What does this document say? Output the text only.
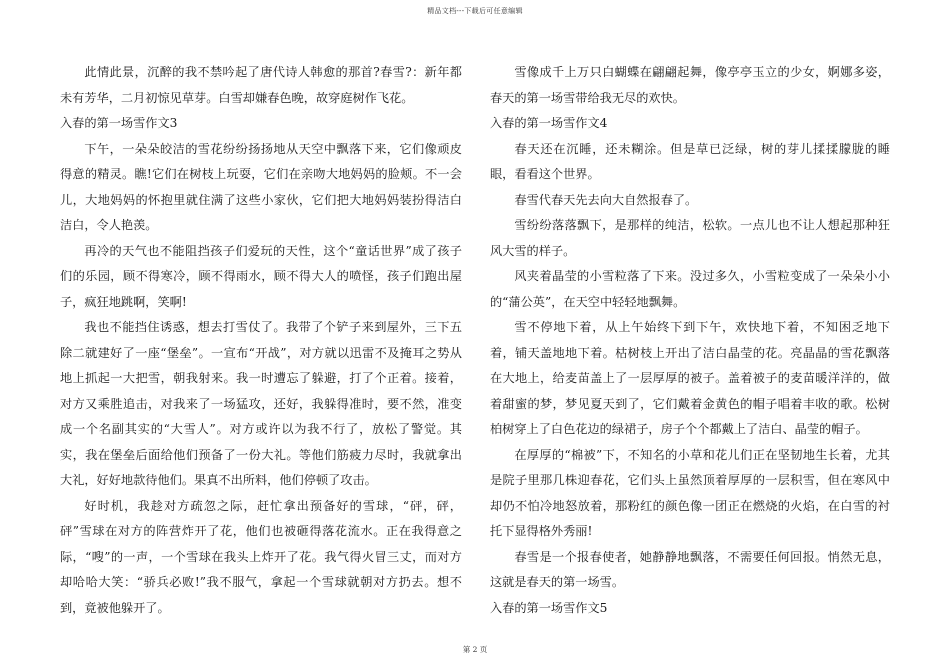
精品文档---下载后可任意编辑

此情此景，沉醉的我不禁吟起了唐代诗人韩愈的那首?春雪?：新年都未有芳华，二月初惊见草芽。白雪却嫌春色晚，故穿庭树作飞花。

入春的第一场雪作文3

下午，一朵朵皎洁的雪花纷纷扬扬地从天空中飘落下来，它们像顽皮得意的精灵。瞧!它们在树枝上玩耍，它们在亲吻大地妈妈的脸颊。不一会儿，大地妈妈的怀抱里就住满了这些小家伙，它们把大地妈妈装扮得洁白洁白，令人艳羡。

再冷的天气也不能阻挡孩子们爱玩的天性，这个“童话世界”成了孩子们的乐园，顾不得寒冷，顾不得雨水，顾不得大人的喷怪，孩子们跑出屋子，疯狂地跳啊，笑啊!

我也不能挡住诱惑，想去打雪仗了。我带了个铲子来到屋外，三下五除二就建好了一座“堡垒”。一宣布“开战”，对方就以迅雷不及掩耳之势从地上抓起一大把雪，朝我射来。我一时遭忘了躲避，打了个正着。接着，对方又乘胜追击，对我来了一场猛攻，还好，我躲得准时，要不然，准变成一个名副其实的“大雪人”。对方或许以为我不行了，放松了警觉。其实，我在堡垒后面给他们预备了一份大礼。等他们筋疲力尽时，我就拿出大礼，好好地款待他们。果真不出所料，他们停顿了攻击。

好时机，我趁对方疏忽之际，赶忙拿出预备好的雪球，“砰，砰，砰”雪球在对方的阵营炸开了花，他们也被砸得落花流水。正在我得意之际，“嗖”的一声，一个雪球在我头上炸开了花。我气得火冒三丈，而对方却哈哈大笑：“骄兵必败!”我不服气，拿起一个雪球就朝对方扔去。想不到，竟被他躲开了。

雪像成千上万只白蝴蝶在翩翩起舞，像亭亭玉立的少女，婀娜多姿，春天的第一场雪带给我无尽的欢快。

入春的第一场雪作文4

春天还在沉睡，还未糊涂。但是草已泛绿，树的芽儿揉揉朦胧的睡眼，看看这个世界。

春雪代春天先去向大自然报春了。

雪纷纷落落飘下，是那样的纯洁，松软。一点儿也不让人想起那种狂风大雪的样子。

风夹着晶莹的小雪粒落了下来。没过多久，小雪粒变成了一朵朵小小的“蒲公英”，在天空中轻轻地飘舞。

雪不停地下着，从上午始终下到下午，欢快地下着，不知困乏地下着，铺天盖地地下着。枯树枝上开出了洁白晶莹的花。亮晶晶的雪花飘落在大地上，给麦苗盖上了一层厚厚的被子。盖着被子的麦苗暖洋洋的，做着甜蜜的梦，梦见夏天到了，它们戴着金黄色的帽子唱着丰收的歌。松树柏树穿上了白色花边的绿裙子，房子个个都戴上了洁白、晶莹的帽子。

在厚厚的“棉被”下，不知名的小草和花儿们正在坚韧地生长着，尤其是院子里那几株迎春花，它们头上虽然顶着厚厚的一层积雪，但在寒风中却仍不怕冷地怒放着，那粉红的颜色像一团正在燃烧的火焰，在白雪的衬托下显得格外秀丽!

春雪是一个报春使者，她静静地飘落，不需要任何回报。悄然无息，这就是春天的第一场雪。

入春的第一场雪作文5

第 2 页
